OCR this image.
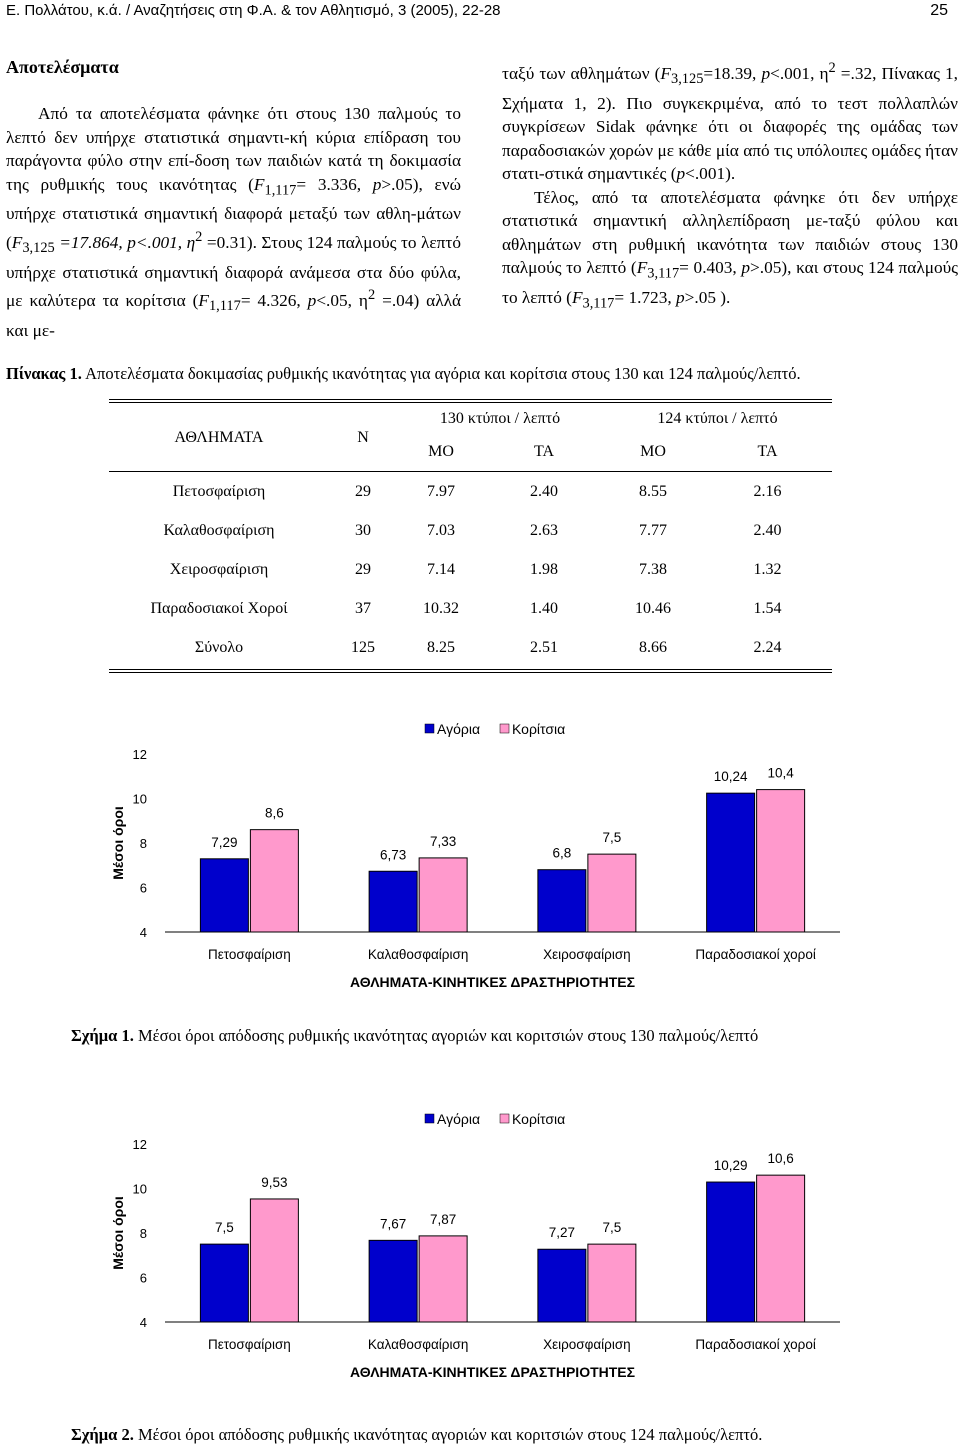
Ε. Πολλάτου, κ.ά. / Αναζητήσεις στη Φ.Α. & τον Αθλητισμό, 3 (2005), 22-28	25
Αποτελέσματα

Από τα αποτελέσματα φάνηκε ότι στους 130 παλμούς το λεπτό δεν υπήρχε στατιστικά σημαντι-κή κύρια επίδραση του παράγοντα φύλο στην επί-δοση των παιδιών κατά τη δοκιμασία της ρυθμικής τους ικανότητας ($F_{1,117}= 3.336$, p>.05), ενώ υπήρχε στατιστικά σημαντική διαφορά μεταξύ των αθλη-μάτων ($F_{3,125} =17.864$, p<.001, $\eta^2 =0.31$). Στους 124 παλμούς το λεπτό υπήρχε στατιστικά σημαντική διαφορά ανάμεσα στα δύο φύλα, με καλύτερα τα κορίτσια ($F_{1,117}= 4.326$, p<.05, $\eta^2 =.04$) αλλά και με-

ταξύ των αθλημάτων ($F_{3,125}=18.39$, p<.001, $\eta^2 =.32$, Πίνακας 1, Σχήματα 1, 2). Πιο συγκεκριμένα, από το τεστ πολλαπλών συγκρίσεων Sidak φάνηκε ότι οι διαφορές της ομάδας των παραδοσιακών χορών με κάθε μία από τις υπόλοιπες ομάδες ήταν στατι-στικά σημαντικές (p<.001).

Τέλος, από τα αποτελέσματα φάνηκε ότι δεν υπήρχε στατιστικά σημαντική αλληλεπίδραση με-ταξύ φύλου και αθλημάτων στη ρυθμική ικανότητα των παιδιών στους 130 παλμούς το λεπτό ($F_{3,117}= 0.403$, p>.05), και στους 124 παλμούς το λεπτό ($F_{3,117}= 1.723$, p>.05 ).

Πίνακας 1. Αποτελέσματα δοκιμασίας ρυθμικής ικανότητας για αγόρια και κορίτσια στους 130 και 124 παλμούς/λεπτό.
ΑΘΛΗΜΑΤΑ	N	130 κτύποι / λεπτό		124 κτύποι / λεπτό	
		ΜΟ	ΤΑ	ΜΟ	ΤΑ
Πετοσφαίριση	29	7.97	2.40	8.55	2.16
Καλαθοσφαίριση	30	7.03	2.63	7.77	2.40
Χειροσφαίριση	29	7.14	1.98	7.38	1.32
Παραδοσιακοί Χοροί	37	10.32	1.40	10.46	1.54
Σύνολο	125	8.25	2.51	8.66	2.24
Αγόρια Κορίτσια
4
6
8
10
12
Μέσοι όροι	7,29
8,6
Πετοσφαίριση
6,73
7,33
Καλαθοσφαίριση
6,8
7,5
Χειροσφαίριση
10,24 10,4
Παραδοσιακοί χορoί
ΑΘΛΗΜΑΤΑ-ΚΙΝΗΤΙΚΕΣ ΔΡΑΣΤΗΡΙΟΤΗΤΕΣ
Σχήμα 1. Μέσοι όροι απόδοσης ρυθμικής ικανότητας αγοριών και κοριτσιών στους 130 παλμούς/λεπτό
Αγόρια Κορίτσια
4
6
8
10
12
Μέσοι όροι	7,5
9,53
Πετοσφαίριση
7,67 7,87
Καλαθοσφαίριση
7,27 7,5
Χειροσφαίριση
10,29 10,6
Παραδοσιακοί χορoί
ΑΘΛΗΜΑΤΑ-ΚΙΝΗΤΙΚΕΣ ΔΡΑΣΤΗΡΙΟΤΗΤΕΣ
Σχήμα 2. Μέσοι όροι απόδοσης ρυθμικής ικανότητας αγοριών και κοριτσιών στους 124 παλμούς/λεπτό.
